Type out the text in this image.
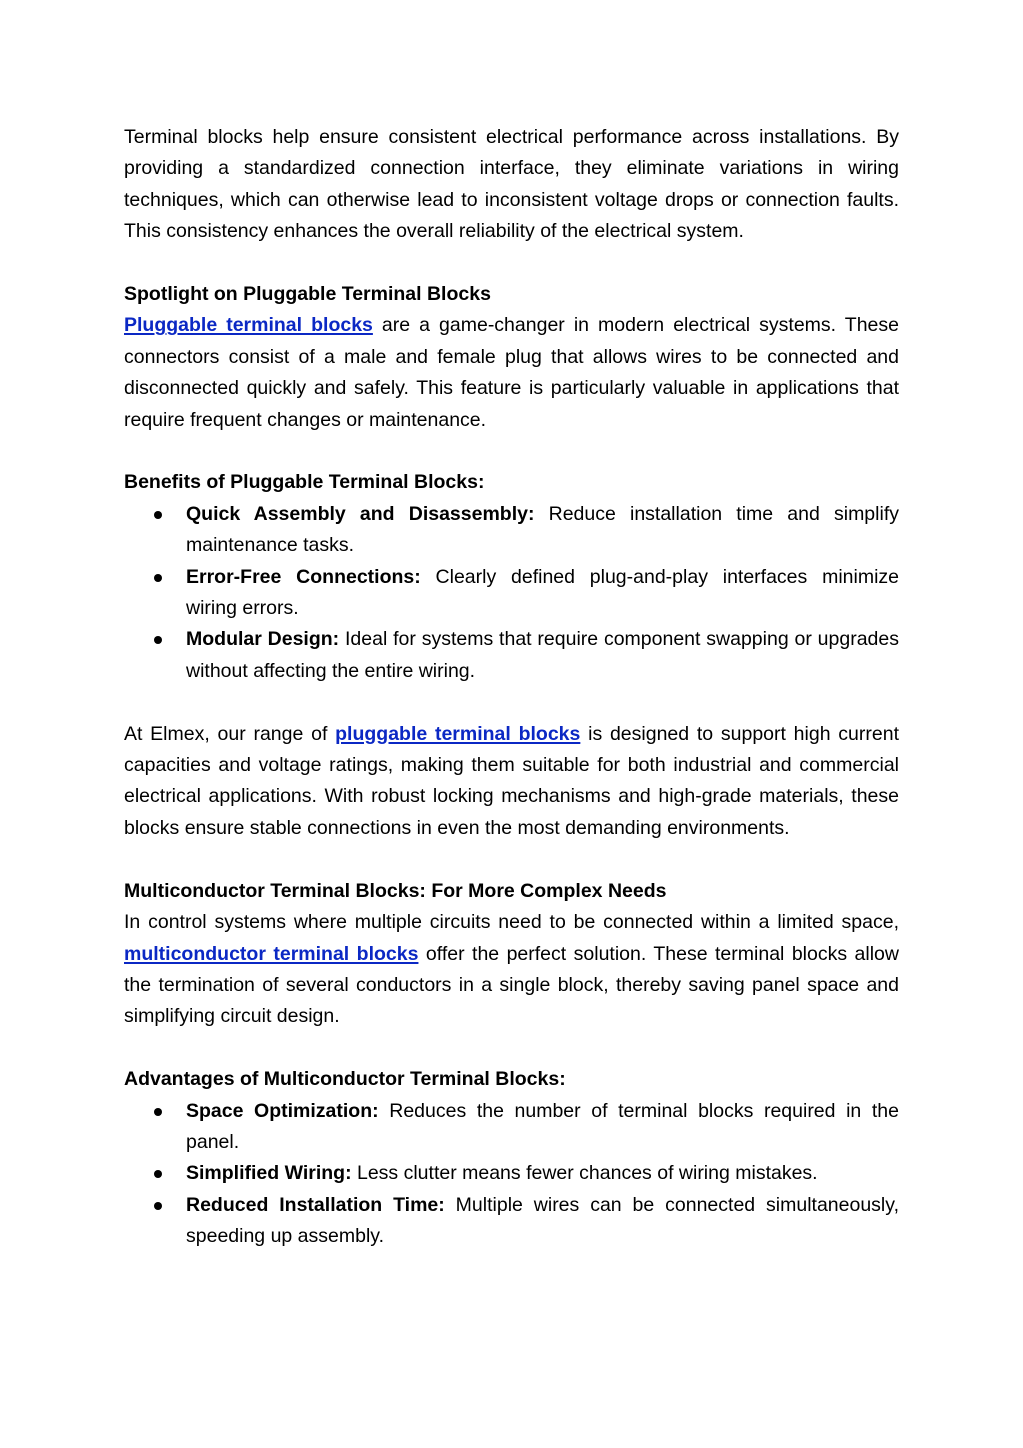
Terminal blocks help ensure consistent electrical performance across installations. By providing a standardized connection interface, they eliminate variations in wiring techniques, which can otherwise lead to inconsistent voltage drops or connection faults. This consistency enhances the overall reliability of the electrical system.

Spotlight on Pluggable Terminal Blocks

Pluggable terminal blocks are a game-changer in modern electrical systems. These connectors consist of a male and female plug that allows wires to be connected and disconnected quickly and safely. This feature is particularly valuable in applications that require frequent changes or maintenance.

Benefits of Pluggable Terminal Blocks:

Quick Assembly and Disassembly: Reduce installation time and simplify maintenance tasks.
Error-Free Connections: Clearly defined plug-and-play interfaces minimize wiring errors.
Modular Design: Ideal for systems that require component swapping or upgrades without affecting the entire wiring.

At Elmex, our range of pluggable terminal blocks is designed to support high current capacities and voltage ratings, making them suitable for both industrial and commercial electrical applications. With robust locking mechanisms and high-grade materials, these blocks ensure stable connections in even the most demanding environments.

Multiconductor Terminal Blocks: For More Complex Needs

In control systems where multiple circuits need to be connected within a limited space, multiconductor terminal blocks offer the perfect solution. These terminal blocks allow the termination of several conductors in a single block, thereby saving panel space and simplifying circuit design.

Advantages of Multiconductor Terminal Blocks:

Space Optimization: Reduces the number of terminal blocks required in the panel.
Simplified Wiring: Less clutter means fewer chances of wiring mistakes.
Reduced Installation Time: Multiple wires can be connected simultaneously, speeding up assembly.
